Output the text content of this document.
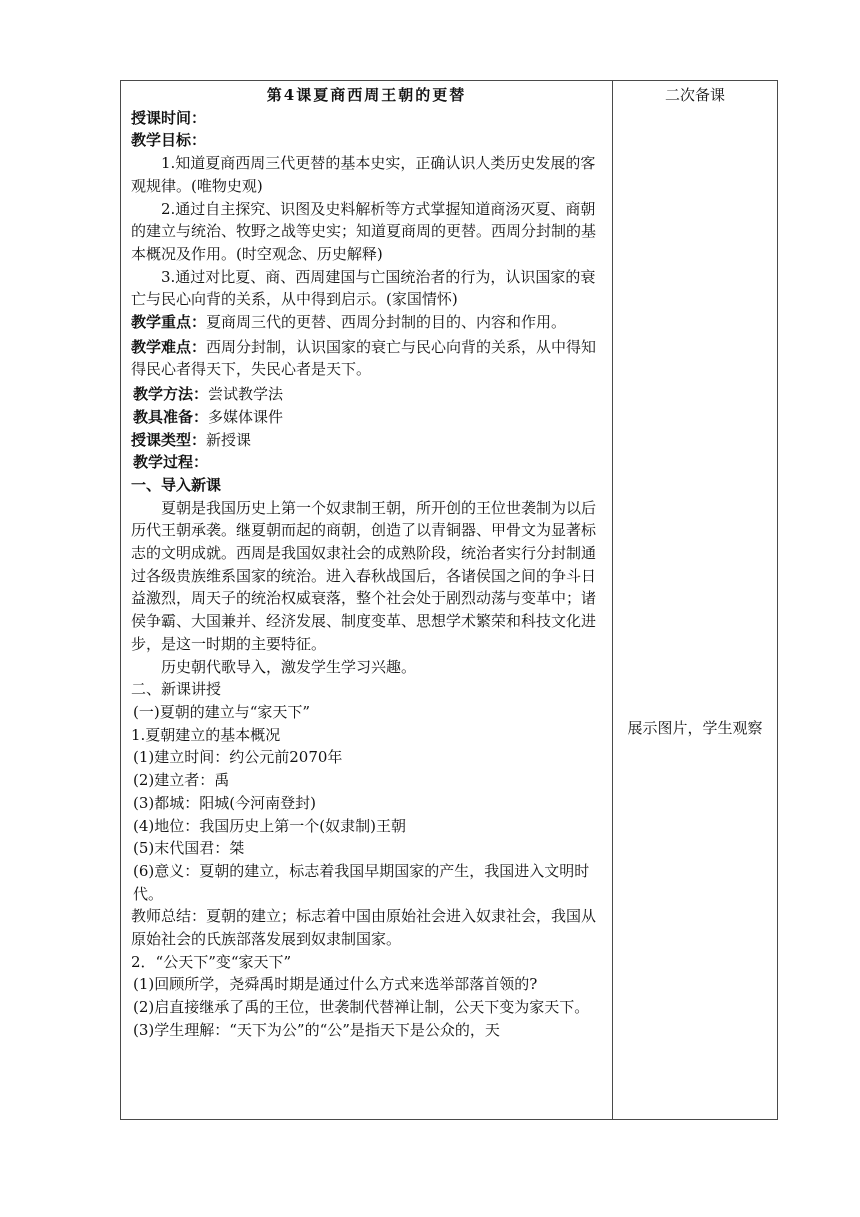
第4课夏商西周王朝的更替
授课时间：
教学目标：
1.知道夏商西周三代更替的基本史实，正确认识人类历史发展的客观规律。(唯物史观)
2.通过自主探究、识图及史料解析等方式掌握知道商汤灭夏、商朝的建立与统治、牧野之战等史实；知道夏商周的更替。西周分封制的基本概况及作用。(时空观念、历史解释)
3.通过对比夏、商、西周建国与亡国统治者的行为，认识国家的衰亡与民心向背的关系，从中得到启示。(家国情怀)
教学重点：夏商周三代的更替、西周分封制的目的、内容和作用。
教学难点：西周分封制，认识国家的衰亡与民心向背的关系，从中得知得民心者得天下，失民心者是天下。
教学方法：尝试教学法
教具准备：多媒体课件
授课类型：新授课
教学过程：
一、导入新课
夏朝是我国历史上第一个奴隶制王朝，所开创的王位世袭制为以后历代王朝承袭。继夏朝而起的商朝，创造了以青铜器、甲骨文为显著标志的文明成就。西周是我国奴隶社会的成熟阶段，统治者实行分封制通过各级贵族维系国家的统治。进入春秋战国后，各诸侯国之间的争斗日益激烈，周天子的统治权威衰落，整个社会处于剧烈动荡与变革中；诸侯争霸、大国兼并、经济发展、制度变革、思想学术繁荣和科技文化进步，是这一时期的主要特征。
历史朝代歌导入，激发学生学习兴趣。
二、新课讲授
(一)夏朝的建立与“家天下”
1.夏朝建立的基本概况
(1)建立时间：约公元前2070年
(2)建立者：禹
(3)都城：阳城(今河南登封)
(4)地位：我国历史上第一个(奴隶制)王朝
(5)末代国君：桀
(6)意义：夏朝的建立，标志着我国早期国家的产生，我国进入文明时代。
教师总结：夏朝的建立；标志着中国由原始社会进入奴隶社会，我国从原始社会的氏族部落发展到奴隶制国家。
2．“公天下”变“家天下”
(1)回顾所学，尧舜禹时期是通过什么方式来选举部落首领的?
(2)启直接继承了禹的王位，世袭制代替禅让制，公天下变为家天下。
(3)学生理解：“天下为公”的“公”是指天下是公众的，天
二次备课
展示图片，学生观察
